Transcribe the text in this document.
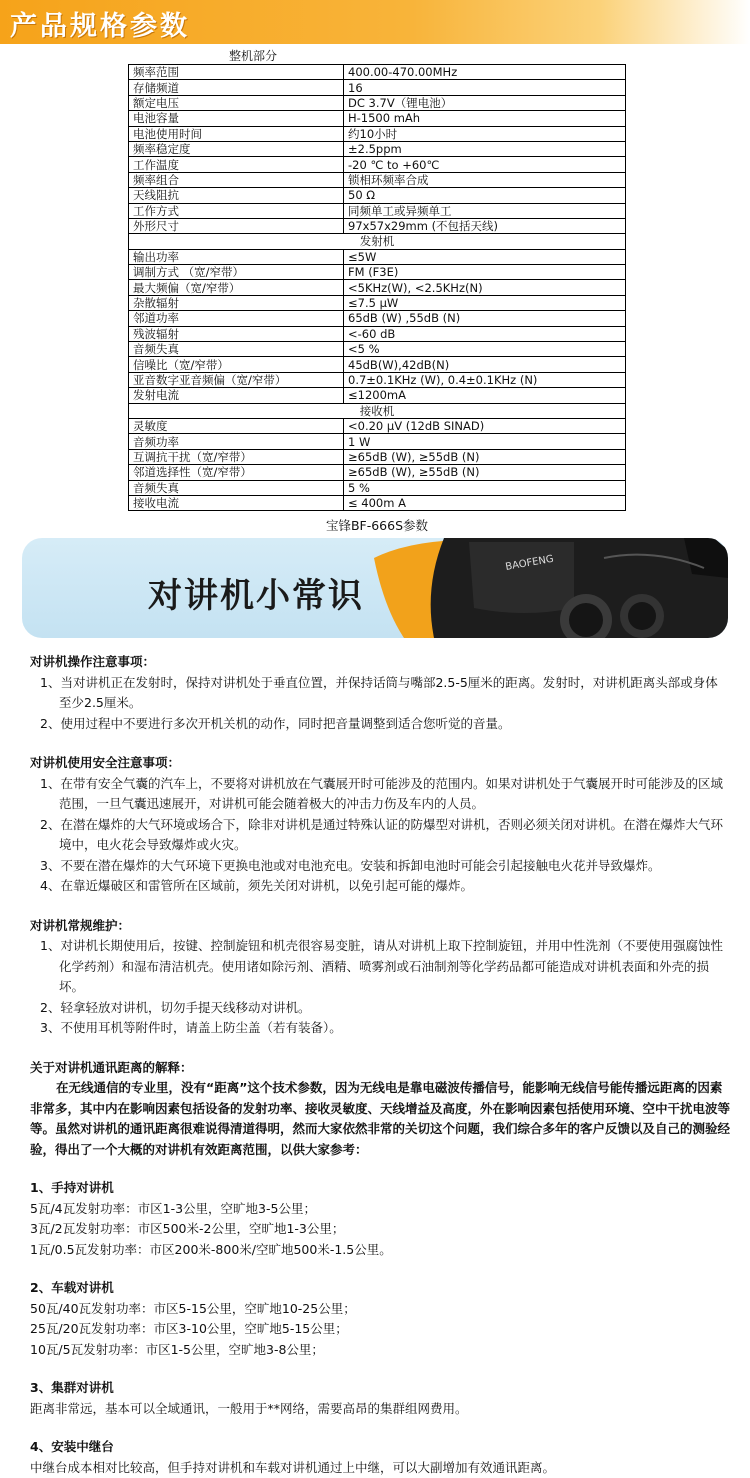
产品规格参数
整机部分
频率范围	400.00-470.00MHz
存储频道	16
额定电压	DC 3.7V（锂电池）
电池容量	H-1500 mAh
电池使用时间	约10小时
频率稳定度	±2.5ppm
工作温度	-20 ℃ to +60℃
频率组合	锁相环频率合成
天线阻抗	50 Ω
工作方式	同频单工或异频单工
外形尺寸	97x57x29mm (不包括天线)
发射机	
输出功率	≤5W
调制方式 （宽/窄带）	FM (F3E)
最大频偏（宽/窄带）	<5KHz(W), <2.5KHz(N)
杂散辐射	≤7.5 μW
邻道功率	65dB (W) ,55dB (N)
残波辐射	<-60 dB
音频失真	<5 %
信噪比（宽/窄带）	45dB(W),42dB(N)
亚音数字亚音频偏（宽/窄带）	0.7±0.1KHz (W), 0.4±0.1KHz (N)
发射电流	≤1200mA
接收机	
灵敏度	<0.20 μV (12dB SINAD)
音频功率	1 W
互调抗干扰（宽/窄带）	≥65dB (W), ≥55dB (N)
邻道选择性（宽/窄带）	≥65dB (W), ≥55dB (N)
音频失真	5 %
接收电流	≤ 400m A
宝锋BF-666S参数
对讲机小常识
BAOFENG

对讲机操作注意事项：

1、当对讲机正在发射时，保持对讲机处于垂直位置，并保持话筒与嘴部2.5-5厘米的距离。发射时，对讲机距离头部或身体至少2.5厘米。

2、使用过程中不要进行多次开机关机的动作，同时把音量调整到适合您听觉的音量。

对讲机使用安全注意事项：

1、在带有安全气囊的汽车上，不要将对讲机放在气囊展开时可能涉及的范围内。如果对讲机处于气囊展开时可能涉及的区域范围，一旦气囊迅速展开，对讲机可能会随着极大的冲击力伤及车内的人员。

2、在潜在爆炸的大气环境或场合下，除非对讲机是通过特殊认证的防爆型对讲机，否则必须关闭对讲机。在潜在爆炸大气环境中，电火花会导致爆炸或火灾。

3、不要在潜在爆炸的大气环境下更换电池或对电池充电。安装和拆卸电池时可能会引起接触电火花并导致爆炸。

4、在靠近爆破区和雷管所在区域前，须先关闭对讲机，以免引起可能的爆炸。

对讲机常规维护：

1、对讲机长期使用后，按键、控制旋钮和机壳很容易变脏，请从对讲机上取下控制旋钮，并用中性洗剂（不要使用强腐蚀性化学药剂）和湿布清洁机壳。使用诸如除污剂、酒精、喷雾剂或石油制剂等化学药品都可能造成对讲机表面和外壳的损坏。

2、轻拿轻放对讲机，切勿手提天线移动对讲机。

3、不使用耳机等附件时，请盖上防尘盖（若有装备）。

关于对讲机通讯距离的解释：

在无线通信的专业里，没有“距离”这个技术参数，因为无线电是靠电磁波传播信号，能影响无线信号能传播远距离的因素非常多，其中内在影响因素包括设备的发射功率、接收灵敏度、天线增益及高度，外在影响因素包括使用环境、空中干扰电波等等。虽然对讲机的通讯距离很难说得清道得明，然而大家依然非常的关切这个问题，我们综合多年的客户反馈以及自己的测验经验，得出了一个大概的对讲机有效距离范围，以供大家参考：

1、手持对讲机

5瓦/4瓦发射功率：市区1-3公里，空旷地3-5公里；

3瓦/2瓦发射功率：市区500米-2公里，空旷地1-3公里；

1瓦/0.5瓦发射功率：市区200米-800米/空旷地500米-1.5公里。

2、车载对讲机

50瓦/40瓦发射功率：市区5-15公里，空旷地10-25公里；

25瓦/20瓦发射功率：市区3-10公里，空旷地5-15公里；

10瓦/5瓦发射功率：市区1-5公里，空旷地3-8公里；

3、集群对讲机

距离非常远，基本可以全域通讯，一般用于**网络，需要高昂的集群组网费用。

4、安装中继台

中继台成本相对比较高，但手持对讲机和车载对讲机通过上中继，可以大副增加有效通讯距离。
